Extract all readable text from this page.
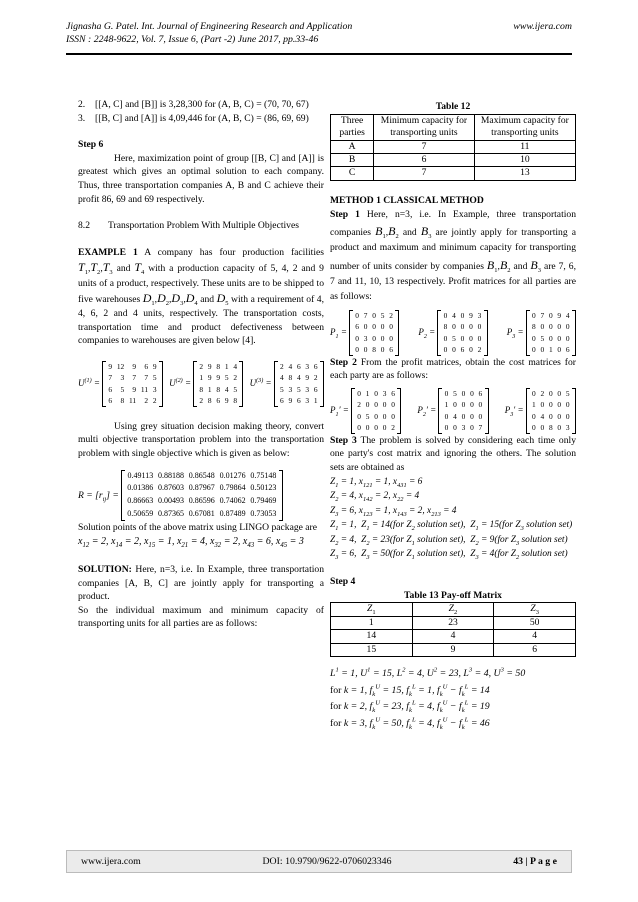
Jignasha G. Patel. Int. Journal of Engineering Research and Application	www.ijera.com
ISSN : 2248-9622, Vol. 7, Issue 6, (Part -2) June 2017, pp.33-46
2.	[[A, C] and [B]] is 3,28,300 for (A, B, C) = (70, 70, 67)
3.	[[B, C] and [A]] is 4,09,446 for (A, B, C) = (86, 69, 69)

Step 6

Here, maximization point of group [[B, C] and [A]] is greatest which gives an optimal solution to each company. Thus, three transportation companies A, B and C achieve their profit 86, 69 and 69 respectively.

8.2	Transportation Problem With Multiple Objectives

EXAMPLE 1 A company has four production facilities $T_1,T_2,T_3$ and $T_4$ with a production capacity of 5, 4, 2 and 9 units of a product, respectively. These units are to be shipped to five warehouses $D_1,D_2,D_3,D_4$ and $D_5$ with a requirement of 4, 4, 6, 2 and 4 units, respectively. The transportation costs, transportation time and product defectiveness between companies to warehouses are given below [4].

$U^{(1)}$ =
9	12	9	6	9
7	3	7	7	5
6	5	9	11	3
6	8	11	2	2
$U^{(2)}$ =
2	9	8	1	4
1	9	9	5	2
8	1	8	4	5
2	8	6	9	8
$U^{(3)}$ =
2	4	6	3	6
4	8	4	9	2
5	3	5	3	6
6	9	6	3	1

Using grey situation decision making theory, convert multi objective transportation problem into the transportation problem with single objective which is given as below:

$R = [r_{ij}]$ =
0.49113	0.88188	0.86548	0.01276	0.75148
0.01386	0.87603	0.87967	0.79864	0.50123
0.86663	0.00493	0.86596	0.74062	0.79469
0.50659	0.87365	0.67081	0.87489	0.73053

Solution points of the above matrix using LINGO package are

$x_{12} = 2$, $x_{14} = 2$, $x_{15} = 1$, $x_{21} = 4$, $x_{32} = 2$, $x_{43} = 6$, $x_{45} = 3$

SOLUTION: Here, n=3, i.e. In Example, three transportation companies [A, B, C] are jointly apply for transporting a product.

So the individual maximum and minimum capacity of transporting units for all parties are as follows:

Table 12

Three parties	Minimum capacity for transporting units	Maximum capacity for transporting units
A	7	11
B	6	10
C	7	13

METHOD 1 CLASSICAL METHOD

Step 1 Here, n=3, i.e. In Example, three transportation companies $B_1,B_2$ and $B_3$ are jointly apply for transporting a product and maximum and minimum capacity for transporting number of units consider by companies $B_1,B_2$ and $B_3$ are 7, 6, 7 and 11, 10, 13 respectively. Profit matrices for all parties are as follows:

$P_1$ =
0	7	0	5	2
6	0	0	0	0
0	3	0	0	0
0	0	8	0	6
$P_2$ =
0	4	0	9	3
8	0	0	0	0
0	5	0	0	0
0	0	6	0	2
$P_3$ =
0	7	0	9	4
8	0	0	0	0
0	5	0	0	0
0	0	1	0	6

Step 2 From the profit matrices, obtain the cost matrices for each party are as follows:

$P_1'$ =
0	1	0	3	6
2	0	0	0	0
0	5	0	0	0
0	0	0	0	2
$P_2'$ =
0	5	0	0	6
1	0	0	0	0
0	4	0	0	0
0	0	3	0	7
$P_3'$ =
0	2	0	0	5
1	0	0	0	0
0	4	0	0	0
0	0	8	0	3

Step 3 The problem is solved by considering each time only one party's cost matrix and ignoring the others. The solution sets are obtained as

$Z_1 = 1$, $x_{121} = 1$, $x_{431} = 6$
$Z_2 = 4$, $x_{142} = 2$, $x_{22} = 4$
$Z_3 = 6$, $x_{123} = 1$, $x_{143} = 2$, $x_{213} = 4$
$Z_1 = 1$,  $Z_1 = 14(for$ $Z_2$ solution set),  $Z_1 = 15(for$ $Z_3$ solution set)
$Z_2 = 4$,  $Z_2 = 23(for$ $Z_1$ solution set),  $Z_2 = 9(for$ $Z_3$ solution set)
$Z_3 = 6$,  $Z_3 = 50(for$ $Z_1$ solution set),  $Z_3 = 4(for$ $Z_2$ solution set)

Step 4

Table 13 Pay-off Matrix

$Z_1$	$Z_2$	$Z_3$
1	23	50
14	4	4
15	9	6
$L^1 = 1$, $U^1 = 15$, $L^2 = 4$, $U^2 = 23$, $L^3 = 4$, $U^3 = 50$
for k = 1, $f_k^U = 15$, $f_k^L = 1$, $f_k^U - f_k^L = 14$
for k = 2, $f_k^U = 23$, $f_k^L = 4$, $f_k^U - f_k^L = 19$
for k = 3, $f_k^U = 50$, $f_k^L = 4$, $f_k^U - f_k^L = 46$
www.ijera.com	DOI: 10.9790/9622-0706023346	43 | P a g e
